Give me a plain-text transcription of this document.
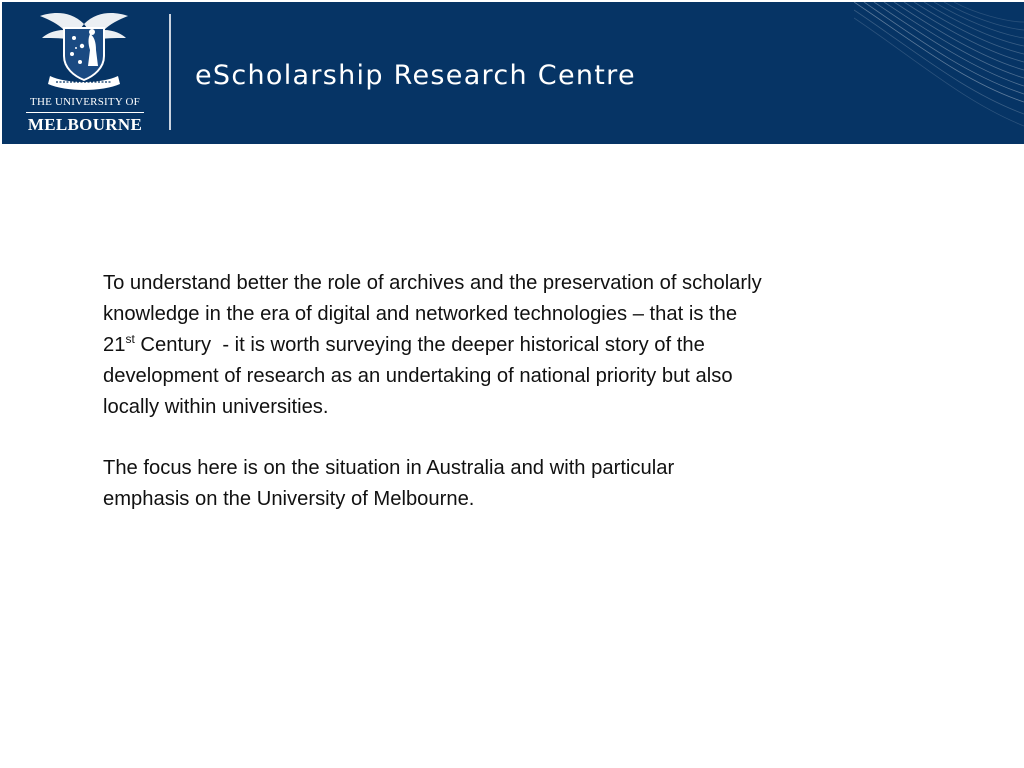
THE UNIVERSITY OF
MELBOURNE
eScholarship Research Centre

To understand better the role of archives and the preservation of scholarly
knowledge in the era of digital and networked technologies – that is the
21st Century  - it is worth surveying the deeper historical story of the
development of research as an undertaking of national priority but also
locally within universities.

The focus here is on the situation in Australia and with particular
emphasis on the University of Melbourne.
